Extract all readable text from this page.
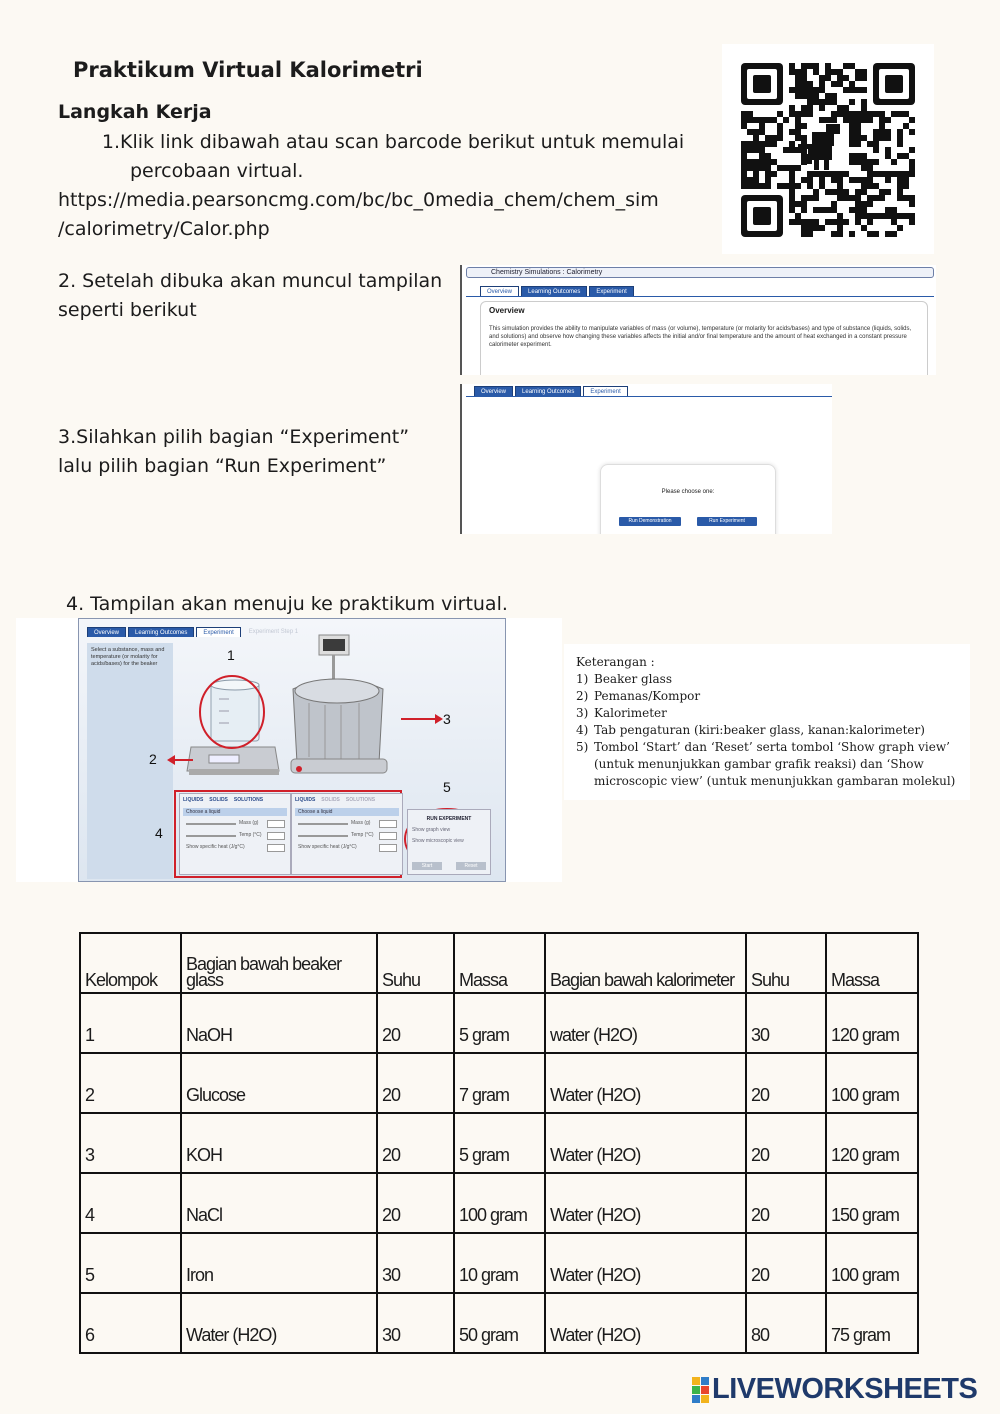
Praktikum Virtual Kalorimetri
Langkah Kerja
1.Klik link dibawah atau scan barcode berikut untuk memulai
percobaan virtual.
https://media.pearsoncmg.com/bc/bc_0media_chem/chem_sim
/calorimetry/Calor.php
2. Setelah dibuka akan muncul tampilan
seperti berikut
Chemistry Simulations : Calorimetry
Overview	Learning Outcomes	Experiment
Overview
This simulation provides the ability to manipulate variables of mass (or volume), temperature (or molarity for acids/bases) and type of substance (liquids, solids, and solutions) and observe how changing these variables affects the initial and/or final temperature and the amount of heat exchanged in a constant pressure calorimeter experiment.
3.Silahkan pilih bagian “Experiment”
lalu pilih bagian “Run Experiment”
Overview	Learning Outcomes	Experiment
Please choose one:
Run Demonstration	Run Experiment
4. Tampilan akan menuju ke praktikum virtual.
Overview	Learning Outcomes	Experiment	Experiment Step 1
Select a substance, mass and temperature (or molarity for acids/bases) for the beaker
1
2
3
4
5
LIQUIDS SOLIDS SOLUTIONS
Choose a liquid
Mass (g)
Temp (°C)
Show specific heat (J/g°C)
LIQUIDS SOLIDS SOLUTIONS
Choose a liquid
Mass (g)
Temp (°C)
Show specific heat (J/g°C)
RUN EXPERIMENT
Show graph view
Show microscopic view
Start	Reset
Keterangan :
1) Beaker glass
2) Pemanas/Kompor
3) Kalorimeter
4) Tab pengaturan (kiri:beaker glass, kanan:kalorimeter)
5) Tombol ‘Start’ dan ‘Reset’ serta tombol ‘Show graph view’ (untuk menunjukkan gambar grafik reaksi) dan ‘Show microscopic view’ (untuk menunjukkan gambaran molekul)
Kelompok	Bagian bawah beaker glass	Suhu	Massa	Bagian bawah kalorimeter	Suhu	Massa
1	NaOH	20	5 gram	water (H2O)	30	120 gram
2	Glucose	20	7 gram	Water (H2O)	20	100 gram
3	KOH	20	5 gram	Water (H2O)	20	120 gram
4	NaCl	20	100 gram	Water (H2O)	20	150 gram
5	Iron	30	10 gram	Water (H2O)	20	100 gram
6	Water (H2O)	30	50 gram	Water (H2O)	80	75 gram
LIVEWORKSHEETS
